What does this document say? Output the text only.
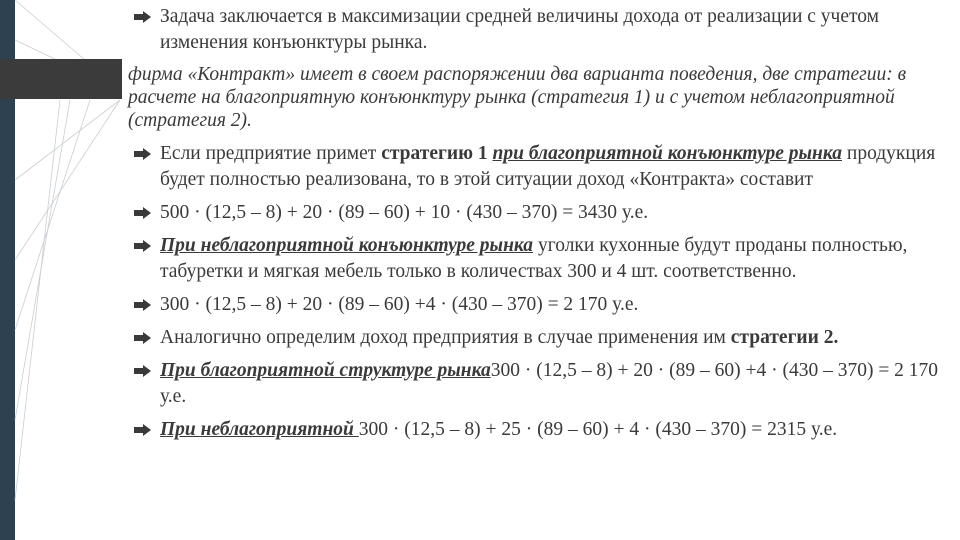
Задача заключается в максимизации средней величины дохода от реализации с учетом изменения конъюнктуры рынка.
фирма «Контракт» имеет в своем распоряжении два варианта поведения, две стратегии: в расчете на благоприятную конъюнктуру рынка (стратегия 1) и с учетом неблагоприятной (стратегия 2).
Если предприятие примет стратегию 1 при благоприятной конъюнктуре рынка продукция будет полностью реализована, то в этой ситуации доход «Контракта» составит
500 · (12,5 – 8) + 20 · (89 – 60) + 10 · (430 – 370) = 3430 у.е.
При неблагоприятной конъюнктуре рынка уголки кухонные будут проданы полностью, табуретки и мягкая мебель только в количествах 300 и 4 шт. соответственно.
300 · (12,5 – 8) + 20 · (89 – 60) +4 · (430 – 370) = 2 170 у.е.
Аналогично определим доход предприятия в случае применения им стратегии 2.
При благоприятной структуре рынка300 · (12,5 – 8) + 20 · (89 – 60) +4 · (430 – 370) = 2 170 у.е.
При неблагоприятной 300 · (12,5 – 8) + 25 · (89 – 60) + 4 · (430 – 370) = 2315 у.е.
